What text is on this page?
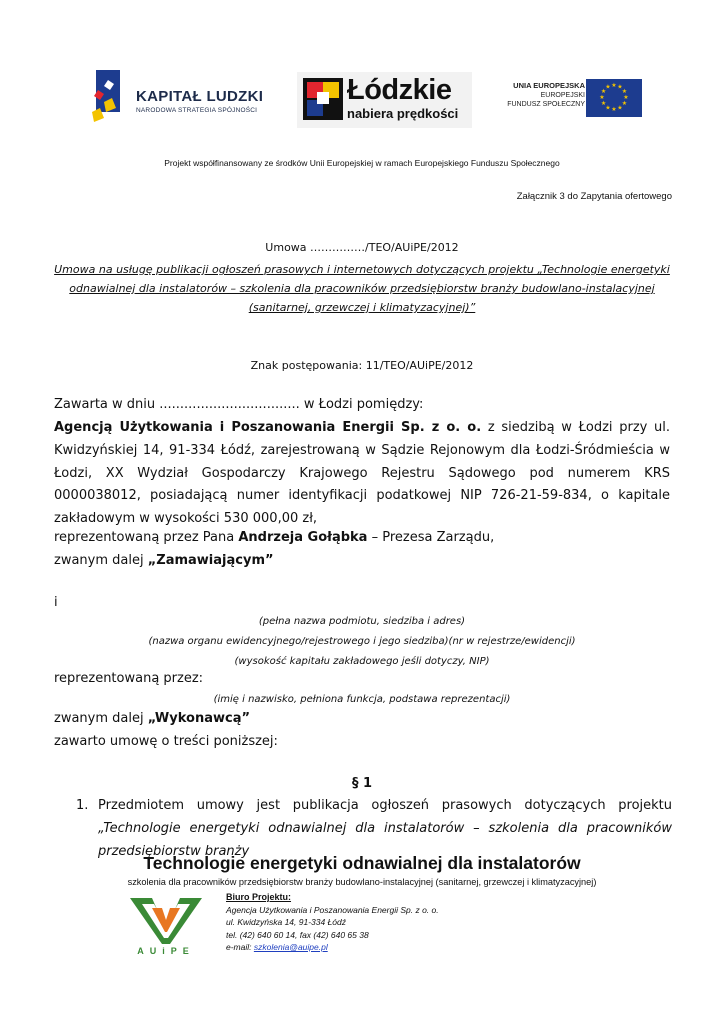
KAPITAŁ LUDZKI
NARODOWA STRATEGIA SPÓJNOŚCI
Łódzkie
nabiera prędkości
UNIA EUROPEJSKA
EUROPEJSKI
FUNDUSZ SPOŁECZNY
★ ★
★
★
★
★
★
★
★
★
★
★
Projekt współfinansowany ze środków Unii Europejskiej w ramach Europejskiego Funduszu Społecznego
Załącznik 3 do Zapytania ofertowego
Umowa ……………/TEO/AUiPE/2012
Umowa na usługę publikacji ogłoszeń prasowych i internetowych dotyczących projektu „Technologie energetyki odnawialnej dla instalatorów – szkolenia dla pracowników przedsiębiorstw branży budowlano-instalacyjnej (sanitarnej, grzewczej i klimatyzacyjnej)”
Znak postępowania: 11/TEO/AUiPE/2012
Zawarta w dniu .................................. w Łodzi pomiędzy:
Agencją Użytkowania i Poszanowania Energii Sp. z o. o. z siedzibą w Łodzi przy ul. Kwidzyńskiej 14, 91-334 Łódź, zarejestrowaną w Sądzie Rejonowym dla Łodzi-Śródmieścia w Łodzi, XX Wydział Gospodarczy Krajowego Rejestru Sądowego pod numerem KRS 0000038012, posiadającą numer identyfikacji podatkowej NIP 726-21-59-834, o kapitale zakładowym w wysokości 530 000,00 zł,
reprezentowaną przez Pana Andrzeja Gołąbka – Prezesa Zarządu,
zwanym dalej „Zamawiającym”
i
(pełna nazwa podmiotu, siedziba i adres)
(nazwa organu ewidencyjnego/rejestrowego i jego siedziba)(nr w rejestrze/ewidencji)
(wysokość kapitału zakładowego jeśli dotyczy, NIP)
reprezentowaną przez:
(imię i nazwisko, pełniona funkcja, podstawa reprezentacji)
zwanym dalej „Wykonawcą”
zawarto umowę o treści poniższej:
§ 1
1. Przedmiotem umowy jest publikacja ogłoszeń prasowych dotyczących projektu „Technologie energetyki odnawialnej dla instalatorów – szkolenia dla pracowników przedsiębiorstw branży
Technologie energetyki odnawialnej dla instalatorów
szkolenia dla pracowników przedsiębiorstw branży budowlano-instalacyjnej (sanitarnej, grzewczej i klimatyzacyjnej)
AUiPE
Biuro Projektu:
Agencja Użytkowania i Poszanowania Energii Sp. z o. o.
ul. Kwidzyńska 14, 91-334 Łódź
tel. (42) 640 60 14, fax (42) 640 65 38
e-mail: szkolenia@auipe.pl
